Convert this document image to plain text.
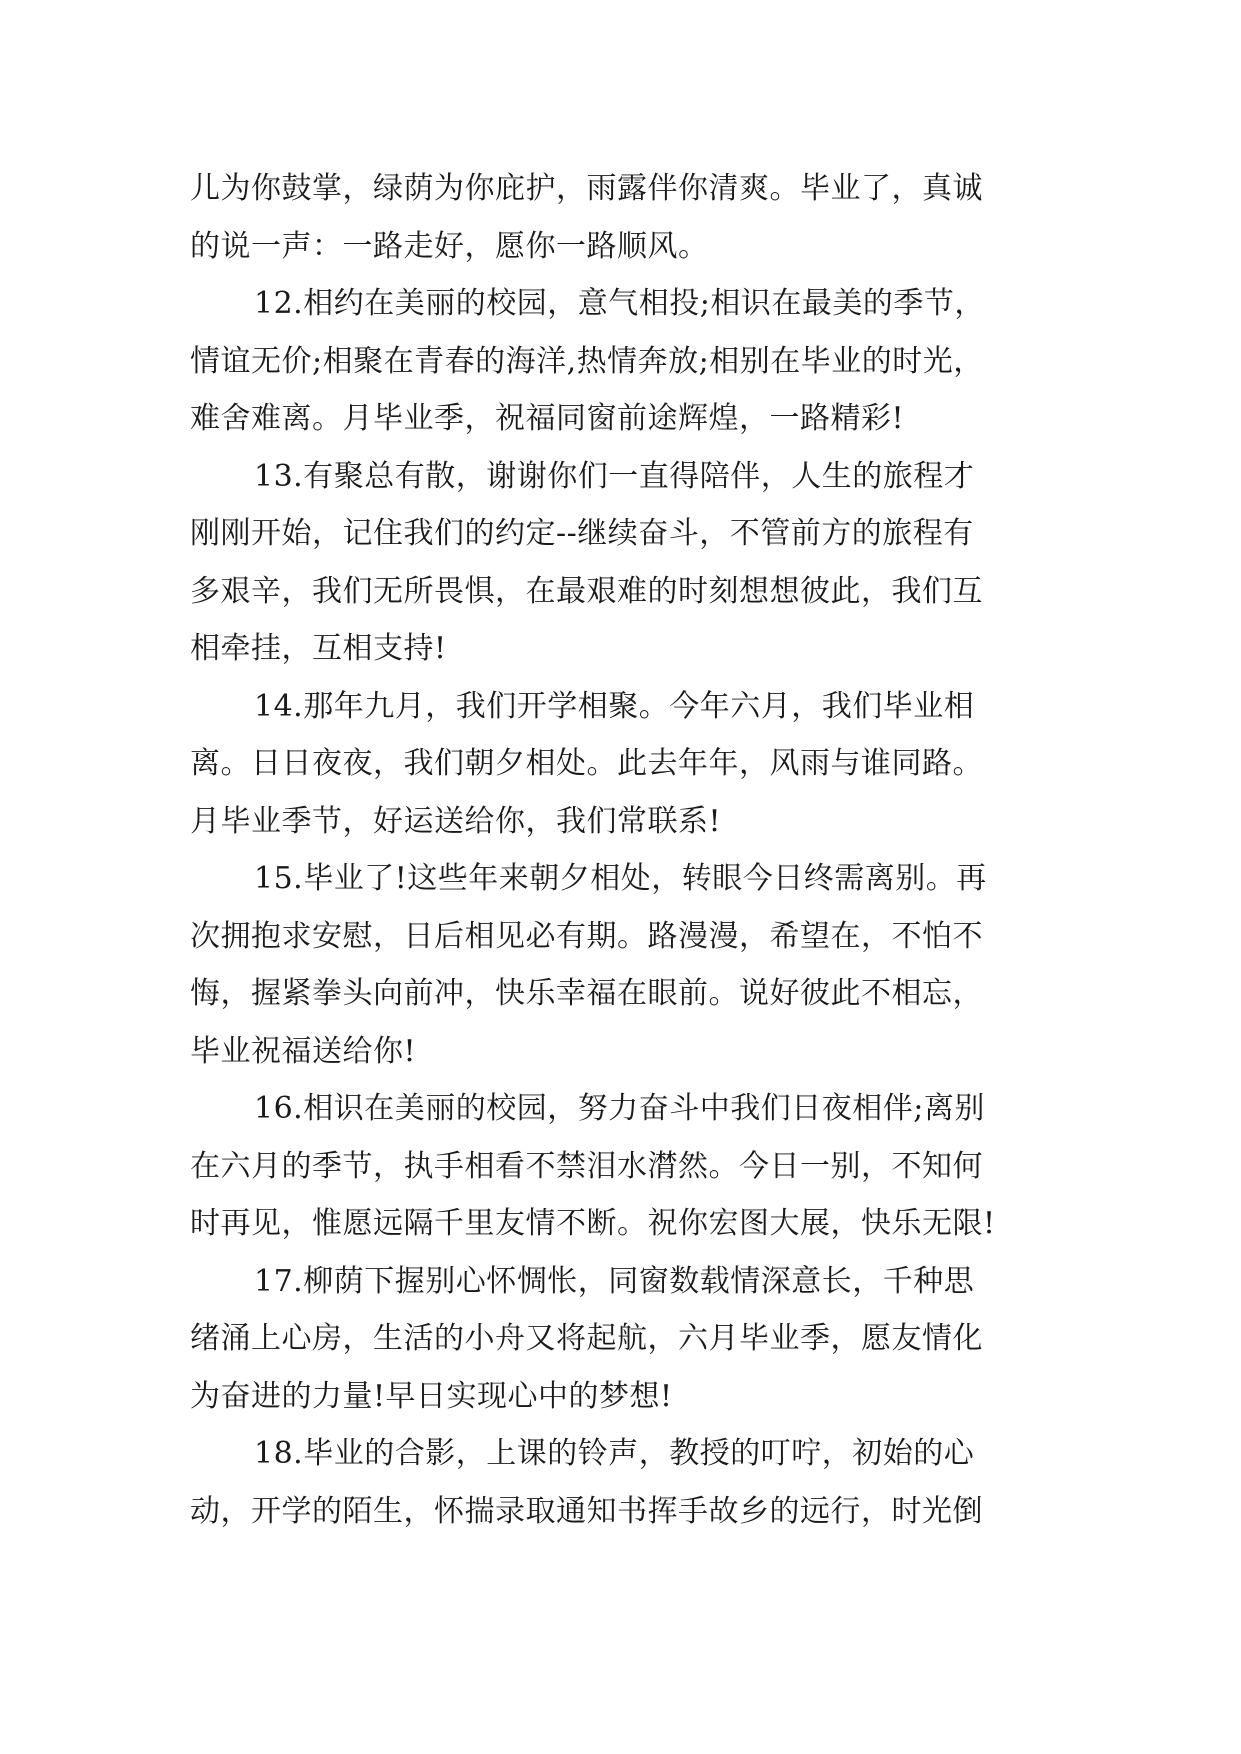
儿为你鼓掌，绿荫为你庇护，雨露伴你清爽。毕业了，真诚
的说一声：一路走好，愿你一路顺风。
12.相约在美丽的校园，意气相投;相识在最美的季节，
情谊无价;相聚在青春的海洋,热情奔放;相别在毕业的时光，
难舍难离。月毕业季，祝福同窗前途辉煌，一路精彩!
13.有聚总有散，谢谢你们一直得陪伴，人生的旅程才
刚刚开始，记住我们的约定--继续奋斗，不管前方的旅程有
多艰辛，我们无所畏惧，在最艰难的时刻想想彼此，我们互
相牵挂，互相支持!
14.那年九月，我们开学相聚。今年六月，我们毕业相
离。日日夜夜，我们朝夕相处。此去年年，风雨与谁同路。
月毕业季节，好运送给你，我们常联系!
15.毕业了!这些年来朝夕相处，转眼今日终需离别。再
次拥抱求安慰，日后相见必有期。路漫漫，希望在，不怕不
悔，握紧拳头向前冲，快乐幸福在眼前。说好彼此不相忘，
毕业祝福送给你!
16.相识在美丽的校园，努力奋斗中我们日夜相伴;离别
在六月的季节，执手相看不禁泪水潸然。今日一别，不知何
时再见，惟愿远隔千里友情不断。祝你宏图大展，快乐无限!
17.柳荫下握别心怀惆怅，同窗数载情深意长，千种思
绪涌上心房，生活的小舟又将起航，六月毕业季，愿友情化
为奋进的力量!早日实现心中的梦想!
18.毕业的合影，上课的铃声，教授的叮咛，初始的心
动，开学的陌生，怀揣录取通知书挥手故乡的远行，时光倒
